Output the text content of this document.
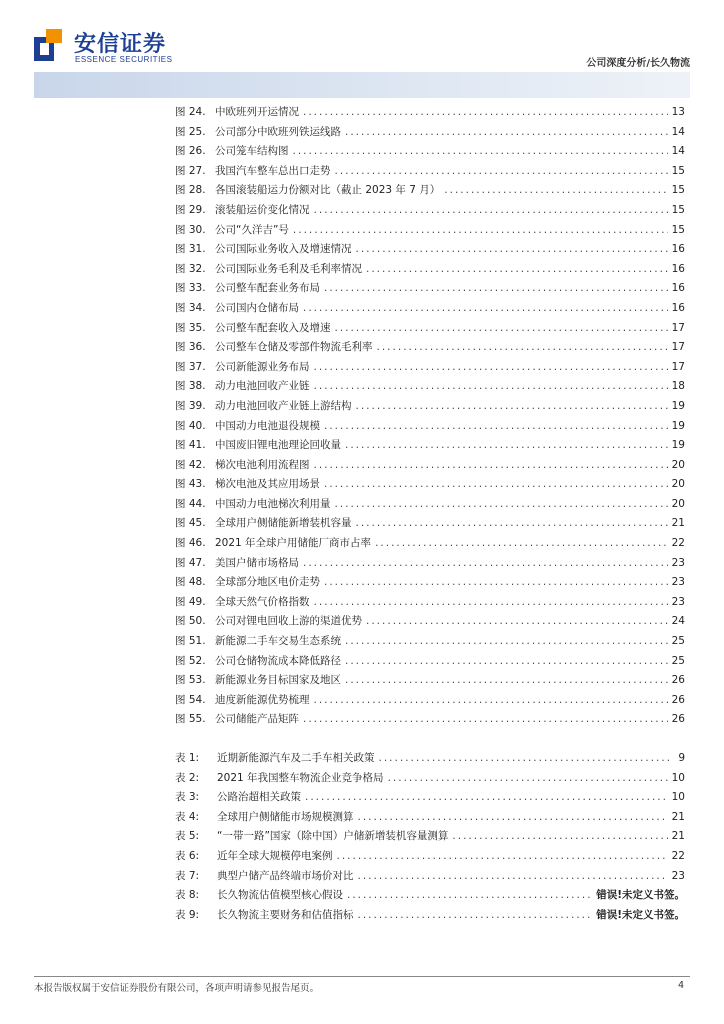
安信证券
ESSENCE SECURITIES	公司深度分析/长久物流
图 24. 中欧班列开运情况 .....	13
图 25. 公司部分中欧班列铁运线路 .....	14
图 26. 公司笼车结构图 .....	14
图 27. 我国汽车整车总出口走势 .....	15
图 28. 各国滚装船运力份额对比（截止 2023 年 7 月） .....	15
图 29. 滚装船运价变化情况 .....	15
图 30. 公司“久洋吉”号 .....	15
图 31. 公司国际业务收入及增速情况 .....	16
图 32. 公司国际业务毛利及毛利率情况 .....	16
图 33. 公司整车配套业务布局 .....	16
图 34. 公司国内仓储布局 .....	16
图 35. 公司整车配套收入及增速 .....	17
图 36. 公司整车仓储及零部件物流毛利率 .....	17
图 37. 公司新能源业务布局 .....	17
图 38. 动力电池回收产业链 .....	18
图 39. 动力电池回收产业链上游结构 .....	19
图 40. 中国动力电池退役规模 .....	19
图 41. 中国废旧锂电池理论回收量 .....	19
图 42. 梯次电池利用流程图 .....	20
图 43. 梯次电池及其应用场景 .....	20
图 44. 中国动力电池梯次利用量 .....	20
图 45. 全球用户侧储能新增装机容量 .....	21
图 46. 2021 年全球户用储能厂商市占率 .....	22
图 47. 美国户储市场格局 .....	23
图 48. 全球部分地区电价走势 .....	23
图 49. 全球天然气价格指数 .....	23
图 50. 公司对锂电回收上游的渠道优势 .....	24
图 51. 新能源二手车交易生态系统 .....	25
图 52. 公司仓储物流成本降低路径 .....	25
图 53. 新能源业务目标国家及地区 .....	26
图 54. 迪度新能源优势梳理 .....	26
图 55. 公司储能产品矩阵 .....	26
表 1:	近期新能源汽车及二手车相关政策 .....	9
表 2:	2021 年我国整车物流企业竞争格局 .....	10
表 3:	公路治超相关政策 .....	10
表 4:	全球用户侧储能市场规模测算 .....	21
表 5:	“一带一路”国家（除中国）户储新增装机容量测算 .....	21
表 6:	近年全球大规模停电案例 .....	22
表 7:	典型户储产品终端市场价对比 .....	23
表 8:	长久物流估值模型核心假设 .....	错误!未定义书签。
表 9:	长久物流主要财务和估值指标 .....	错误!未定义书签。
本报告版权属于安信证券股份有限公司，各项声明请参见报告尾页。	4
